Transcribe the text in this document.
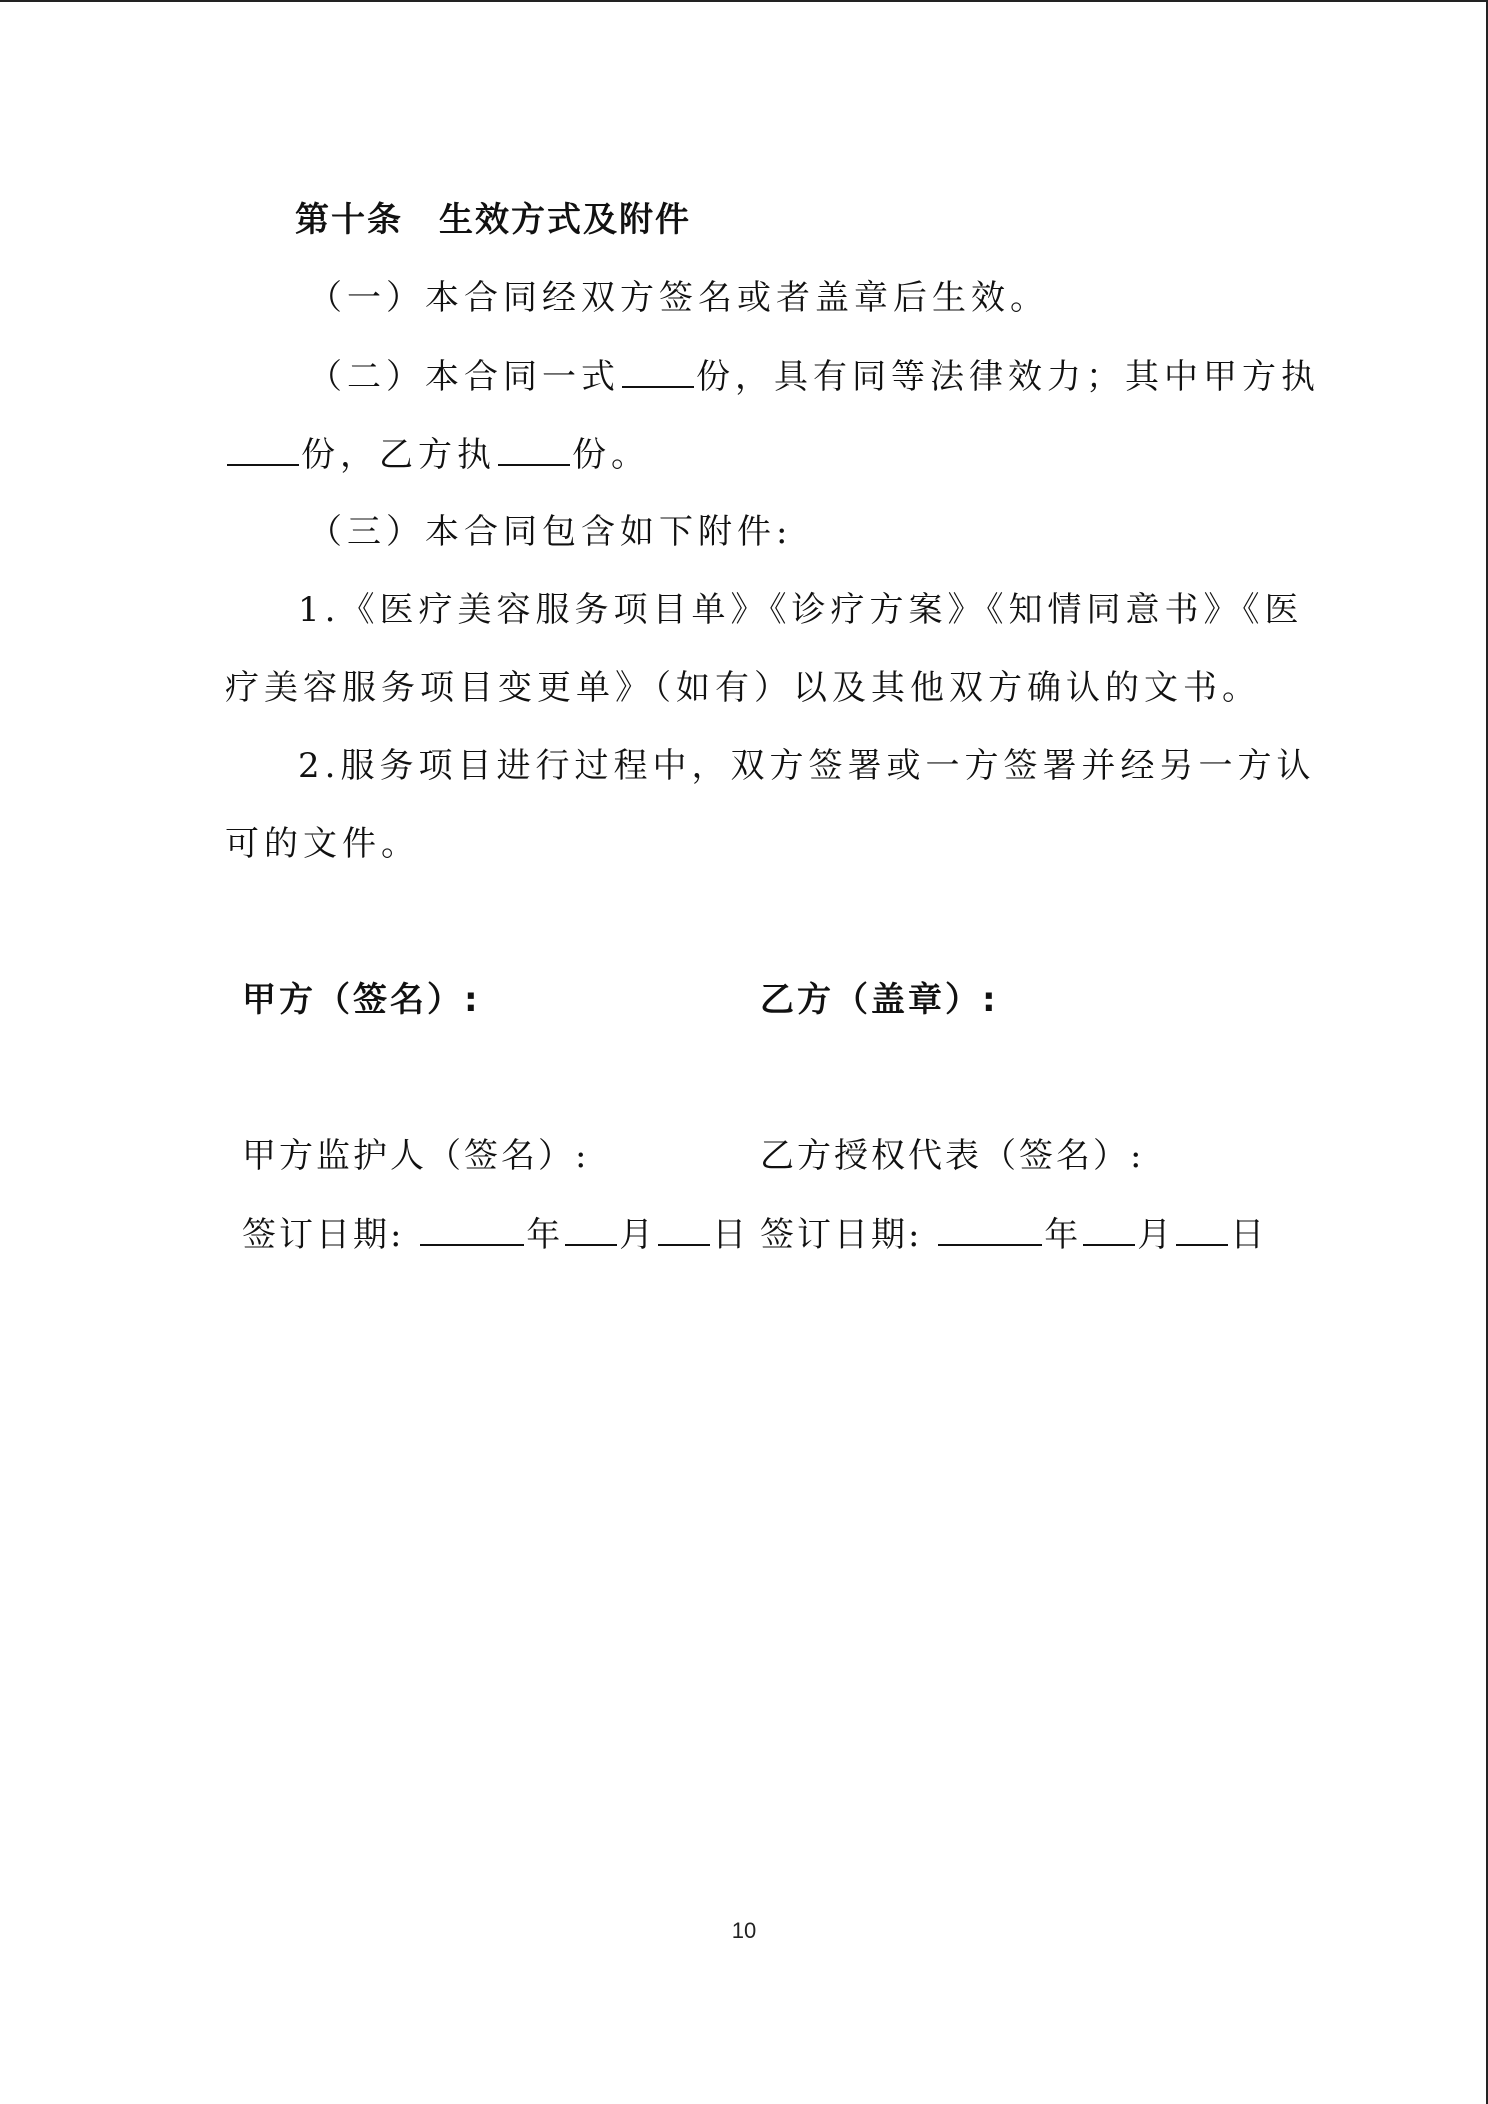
第十条 生效方式及附件
（一）本合同经双方签名或者盖章后生效。
（二）本合同一式 份，具有同等法律效力；其中甲方执
份，乙方执 份。
（三）本合同包含如下附件:
1.《医疗美容服务项目单》《诊疗方案》《知情同意书》《医
疗美容服务项目变更单》（如有）以及其他双方确认的文书。
2.服务项目进行过程中，双方签署或一方签署并经另一方认
可的文件。
甲方（签名）:	乙方（盖章）:
甲方监护人（签名）:	乙方授权代表（签名）:
签订日期:	年 月 日 签订日期:	年 月 日
10
